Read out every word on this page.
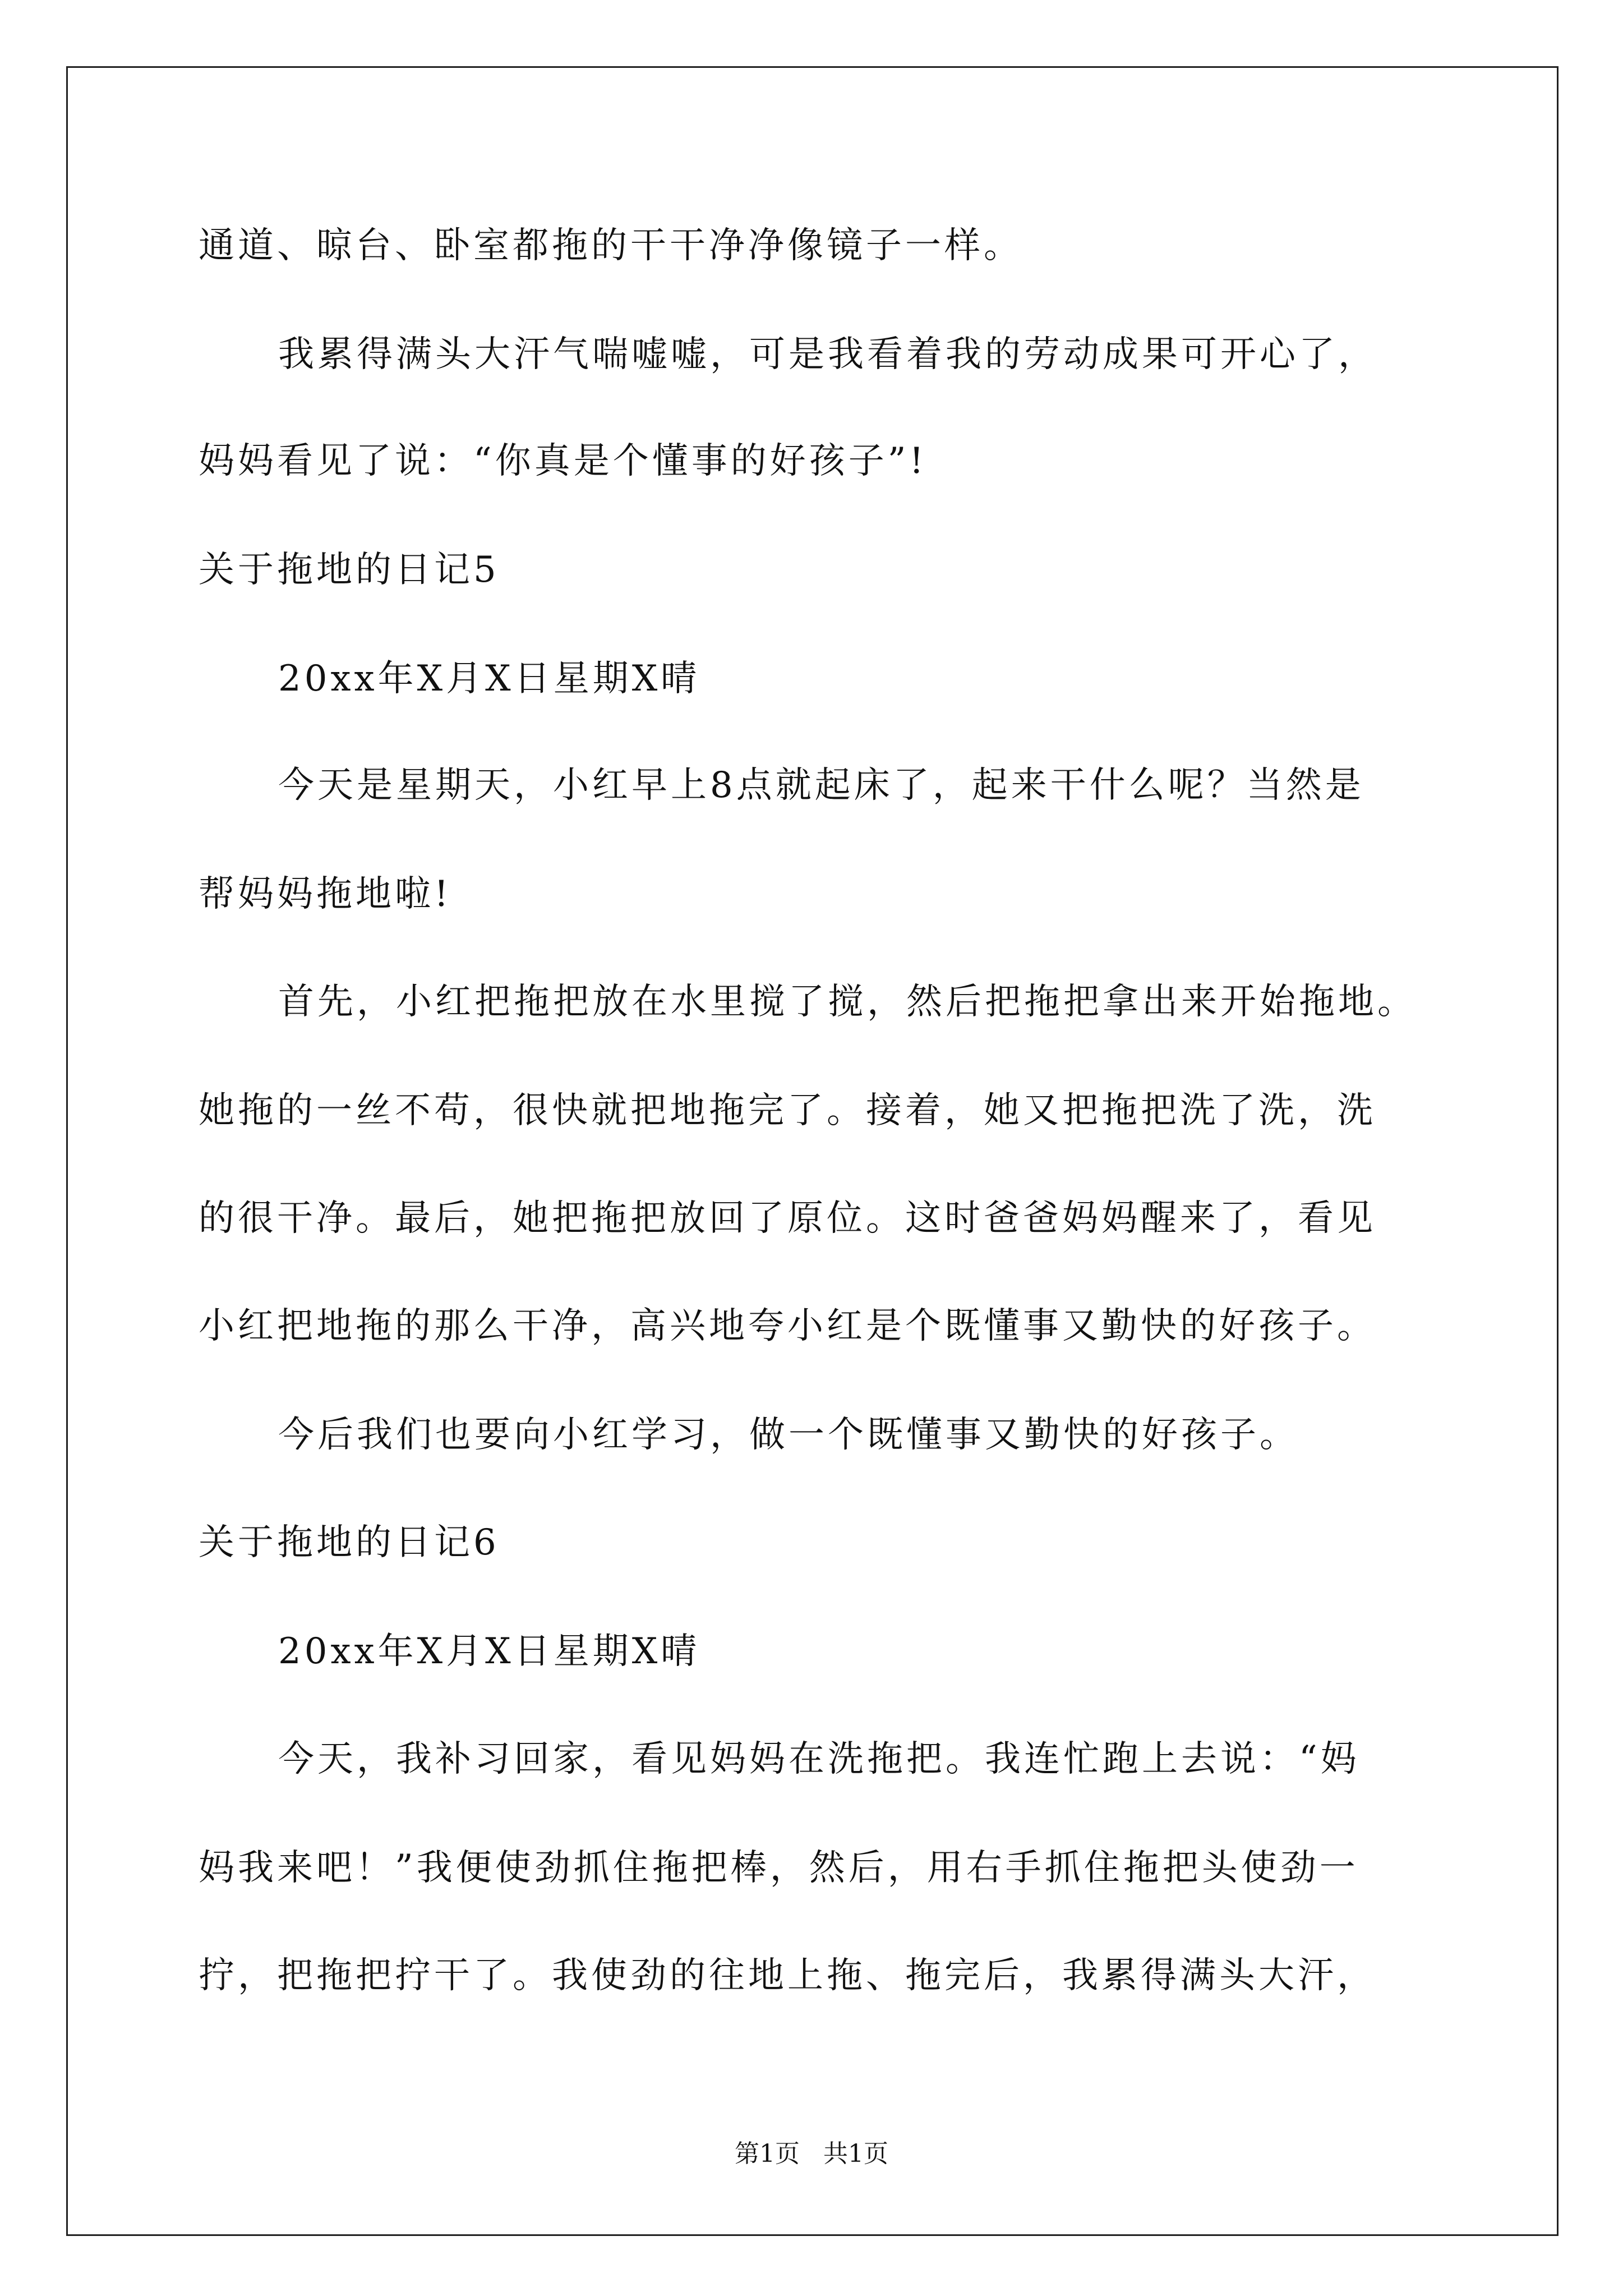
通道、晾台、卧室都拖的干干净净像镜子一样。
我累得满头大汗气喘嘘嘘，可是我看着我的劳动成果可开心了，
妈妈看见了说：“你真是个懂事的好孩子”!
关于拖地的日记5
20xx年X月X日星期X晴
今天是星期天，小红早上8点就起床了，起来干什么呢？当然是
帮妈妈拖地啦!
首先，小红把拖把放在水里搅了搅，然后把拖把拿出来开始拖地。
她拖的一丝不苟，很快就把地拖完了。接着，她又把拖把洗了洗，洗
的很干净。最后，她把拖把放回了原位。这时爸爸妈妈醒来了，看见
小红把地拖的那么干净，高兴地夸小红是个既懂事又勤快的好孩子。
今后我们也要向小红学习，做一个既懂事又勤快的好孩子。
关于拖地的日记6
20xx年X月X日星期X晴
今天，我补习回家，看见妈妈在洗拖把。我连忙跑上去说：“妈
妈我来吧！”我便使劲抓住拖把棒，然后，用右手抓住拖把头使劲一
拧，把拖把拧干了。我使劲的往地上拖、拖完后，我累得满头大汗，
第1页   共1页
